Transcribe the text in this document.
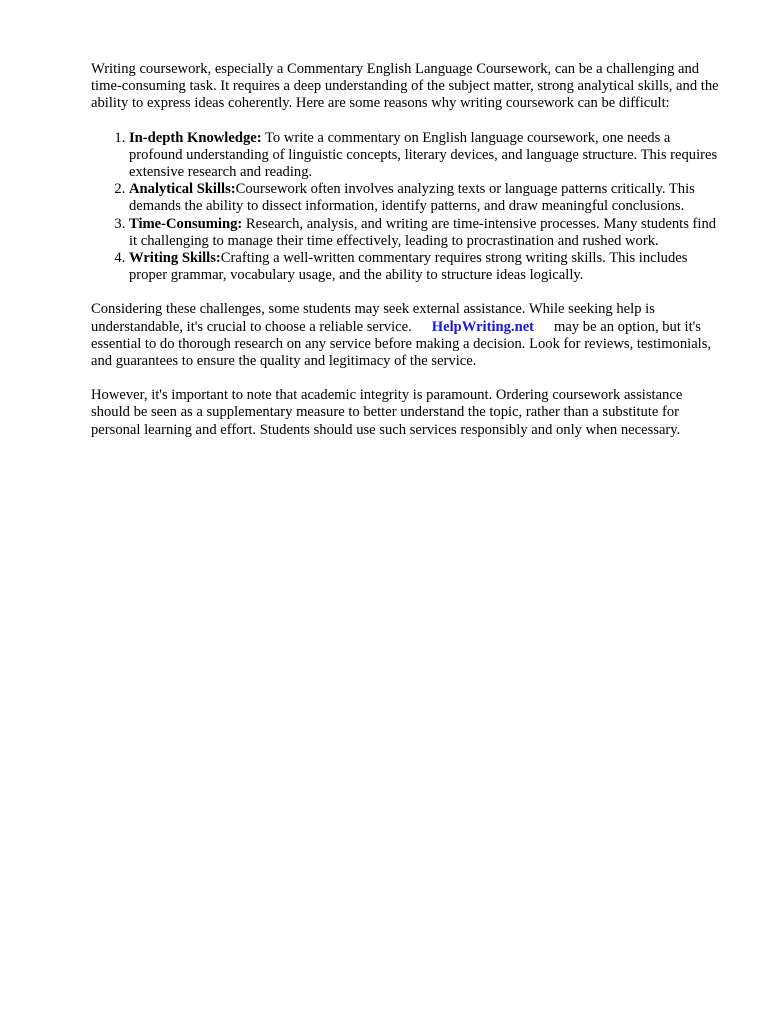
Writing coursework, especially a Commentary English Language Coursework, can be a challenging and time-consuming task. It requires a deep understanding of the subject matter, strong analytical skills, and the ability to express ideas coherently. Here are some reasons why writing coursework can be difficult:

1. In-depth Knowledge: To write a commentary on English language coursework, one needs a profound understanding of linguistic concepts, literary devices, and language structure. This requires extensive research and reading.
2. Analytical Skills:Coursework often involves analyzing texts or language patterns critically. This demands the ability to dissect information, identify patterns, and draw meaningful conclusions.
3. Time-Consuming: Research, analysis, and writing are time-intensive processes. Many students find it challenging to manage their time effectively, leading to procrastination and rushed work.
4. Writing Skills:Crafting a well-written commentary requires strong writing skills. This includes proper grammar, vocabulary usage, and the ability to structure ideas logically.

Considering these challenges, some students may seek external assistance. While seeking help is understandable, it's crucial to choose a reliable service. HelpWriting.net may be an option, but it's essential to do thorough research on any service before making a decision. Look for reviews, testimonials, and guarantees to ensure the quality and legitimacy of the service.

However, it's important to note that academic integrity is paramount. Ordering coursework assistance should be seen as a supplementary measure to better understand the topic, rather than a substitute for personal learning and effort. Students should use such services responsibly and only when necessary.
